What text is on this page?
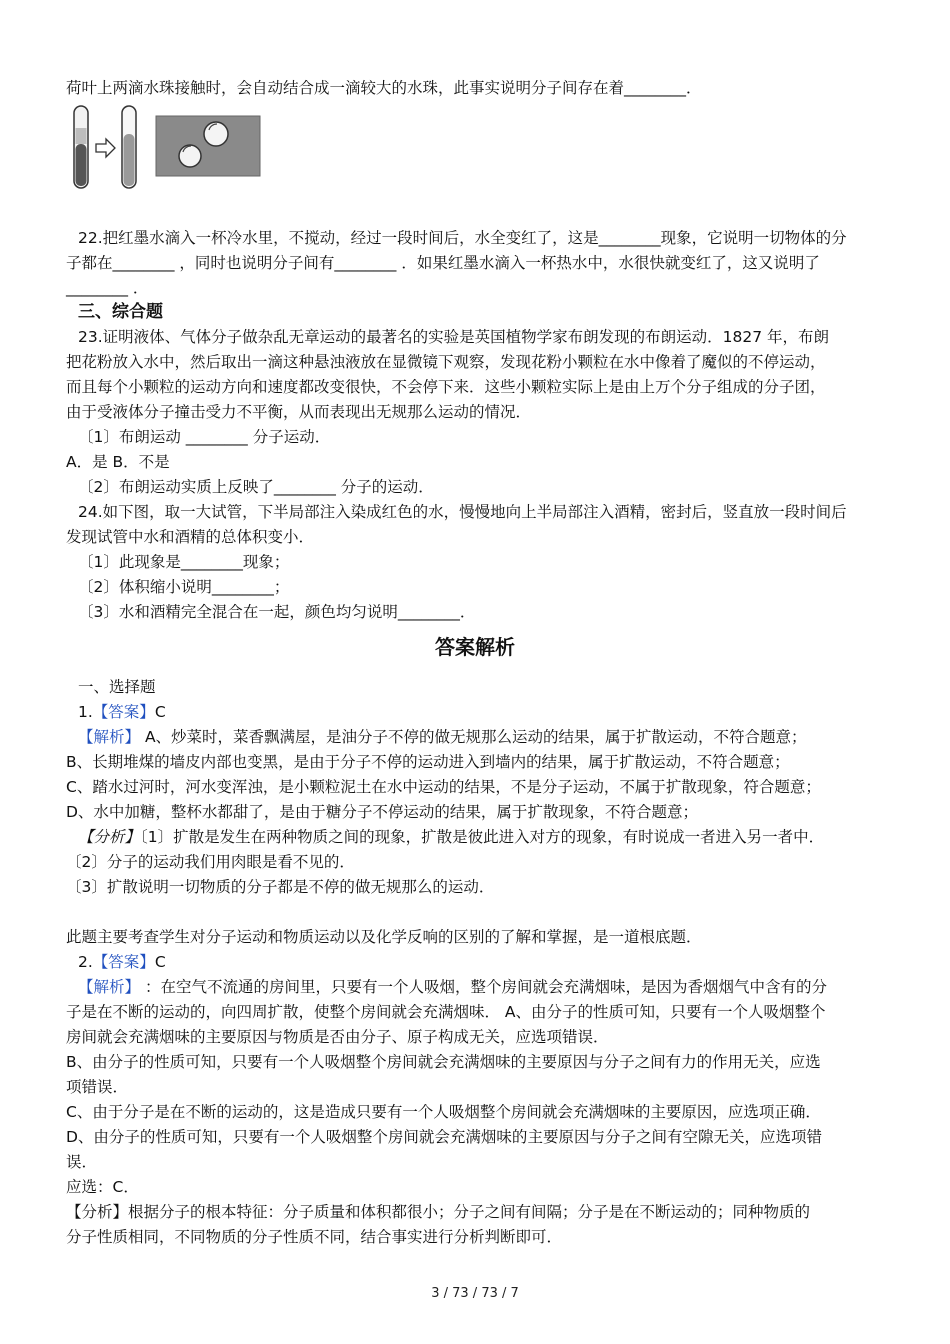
荷叶上两滴水珠接触时，会自动结合成一滴较大的水珠，此事实说明分子间存在着________．
22.把红墨水滴入一杯冷水里，不搅动，经过一段时间后，水全变红了，这是________现象，它说明一切物体的分
子都在________ ，同时也说明分子间有________ ．如果红墨水滴入一杯热水中，水很快就变红了，这又说明了
________ ．
三、综合题
23.证明液体、气体分子做杂乱无章运动的最著名的实验是英国植物学家布朗发现的布朗运动．1827 年，布朗
把花粉放入水中，然后取出一滴这种悬浊液放在显微镜下观察，发现花粉小颗粒在水中像着了魔似的不停运动，
而且每个小颗粒的运动方向和速度都改变很快，不会停下来．这些小颗粒实际上是由上万个分子组成的分子团，
由于受液体分子撞击受力不平衡，从而表现出无规那么运动的情况．
〔1〕布朗运动 ________ 分子运动．
A．是 B．不是
〔2〕布朗运动实质上反映了________ 分子的运动．
24.如下图，取一大试管，下半局部注入染成红色的水，慢慢地向上半局部注入酒精，密封后，竖直放一段时间后
发现试管中水和酒精的总体积变小．
〔1〕此现象是________现象；
〔2〕体积缩小说明________；
〔3〕水和酒精完全混合在一起，颜色均匀说明________．
答案解析
一、选择题
1.【答案】C
【解析】 A、炒菜时，菜香飘满屋，是油分子不停的做无规那么运动的结果，属于扩散运动，不符合题意；
B、长期堆煤的墙皮内部也变黑，是由于分子不停的运动进入到墙内的结果，属于扩散运动，不符合题意；
C、踏水过河时，河水变浑浊，是小颗粒泥土在水中运动的结果，不是分子运动，不属于扩散现象，符合题意；
D、水中加糖，整杯水都甜了，是由于糖分子不停运动的结果，属于扩散现象，不符合题意；
【分析】〔1〕扩散是发生在两种物质之间的现象，扩散是彼此进入对方的现象，有时说成一者进入另一者中．
〔2〕分子的运动我们用肉眼是看不见的．
〔3〕扩散说明一切物质的分子都是不停的做无规那么的运动．
此题主要考查学生对分子运动和物质运动以及化学反响的区别的了解和掌握，是一道根底题．
2.【答案】C
【解析】 ：在空气不流通的房间里，只要有一个人吸烟，整个房间就会充满烟味，是因为香烟烟气中含有的分
子是在不断的运动的，向四周扩散，使整个房间就会充满烟味． A、由分子的性质可知，只要有一个人吸烟整个
房间就会充满烟味的主要原因与物质是否由分子、原子构成无关，应选项错误．
B、由分子的性质可知，只要有一个人吸烟整个房间就会充满烟味的主要原因与分子之间有力的作用无关，应选
项错误．
C、由于分子是在不断的运动的，这是造成只要有一个人吸烟整个房间就会充满烟味的主要原因，应选项正确．
D、由分子的性质可知，只要有一个人吸烟整个房间就会充满烟味的主要原因与分子之间有空隙无关，应选项错
误．
应选：C．
【分析】根据分子的根本特征：分子质量和体积都很小；分子之间有间隔；分子是在不断运动的；同种物质的
分子性质相同，不同物质的分子性质不同，结合事实进行分析判断即可．
3 / 73 / 73 / 7
